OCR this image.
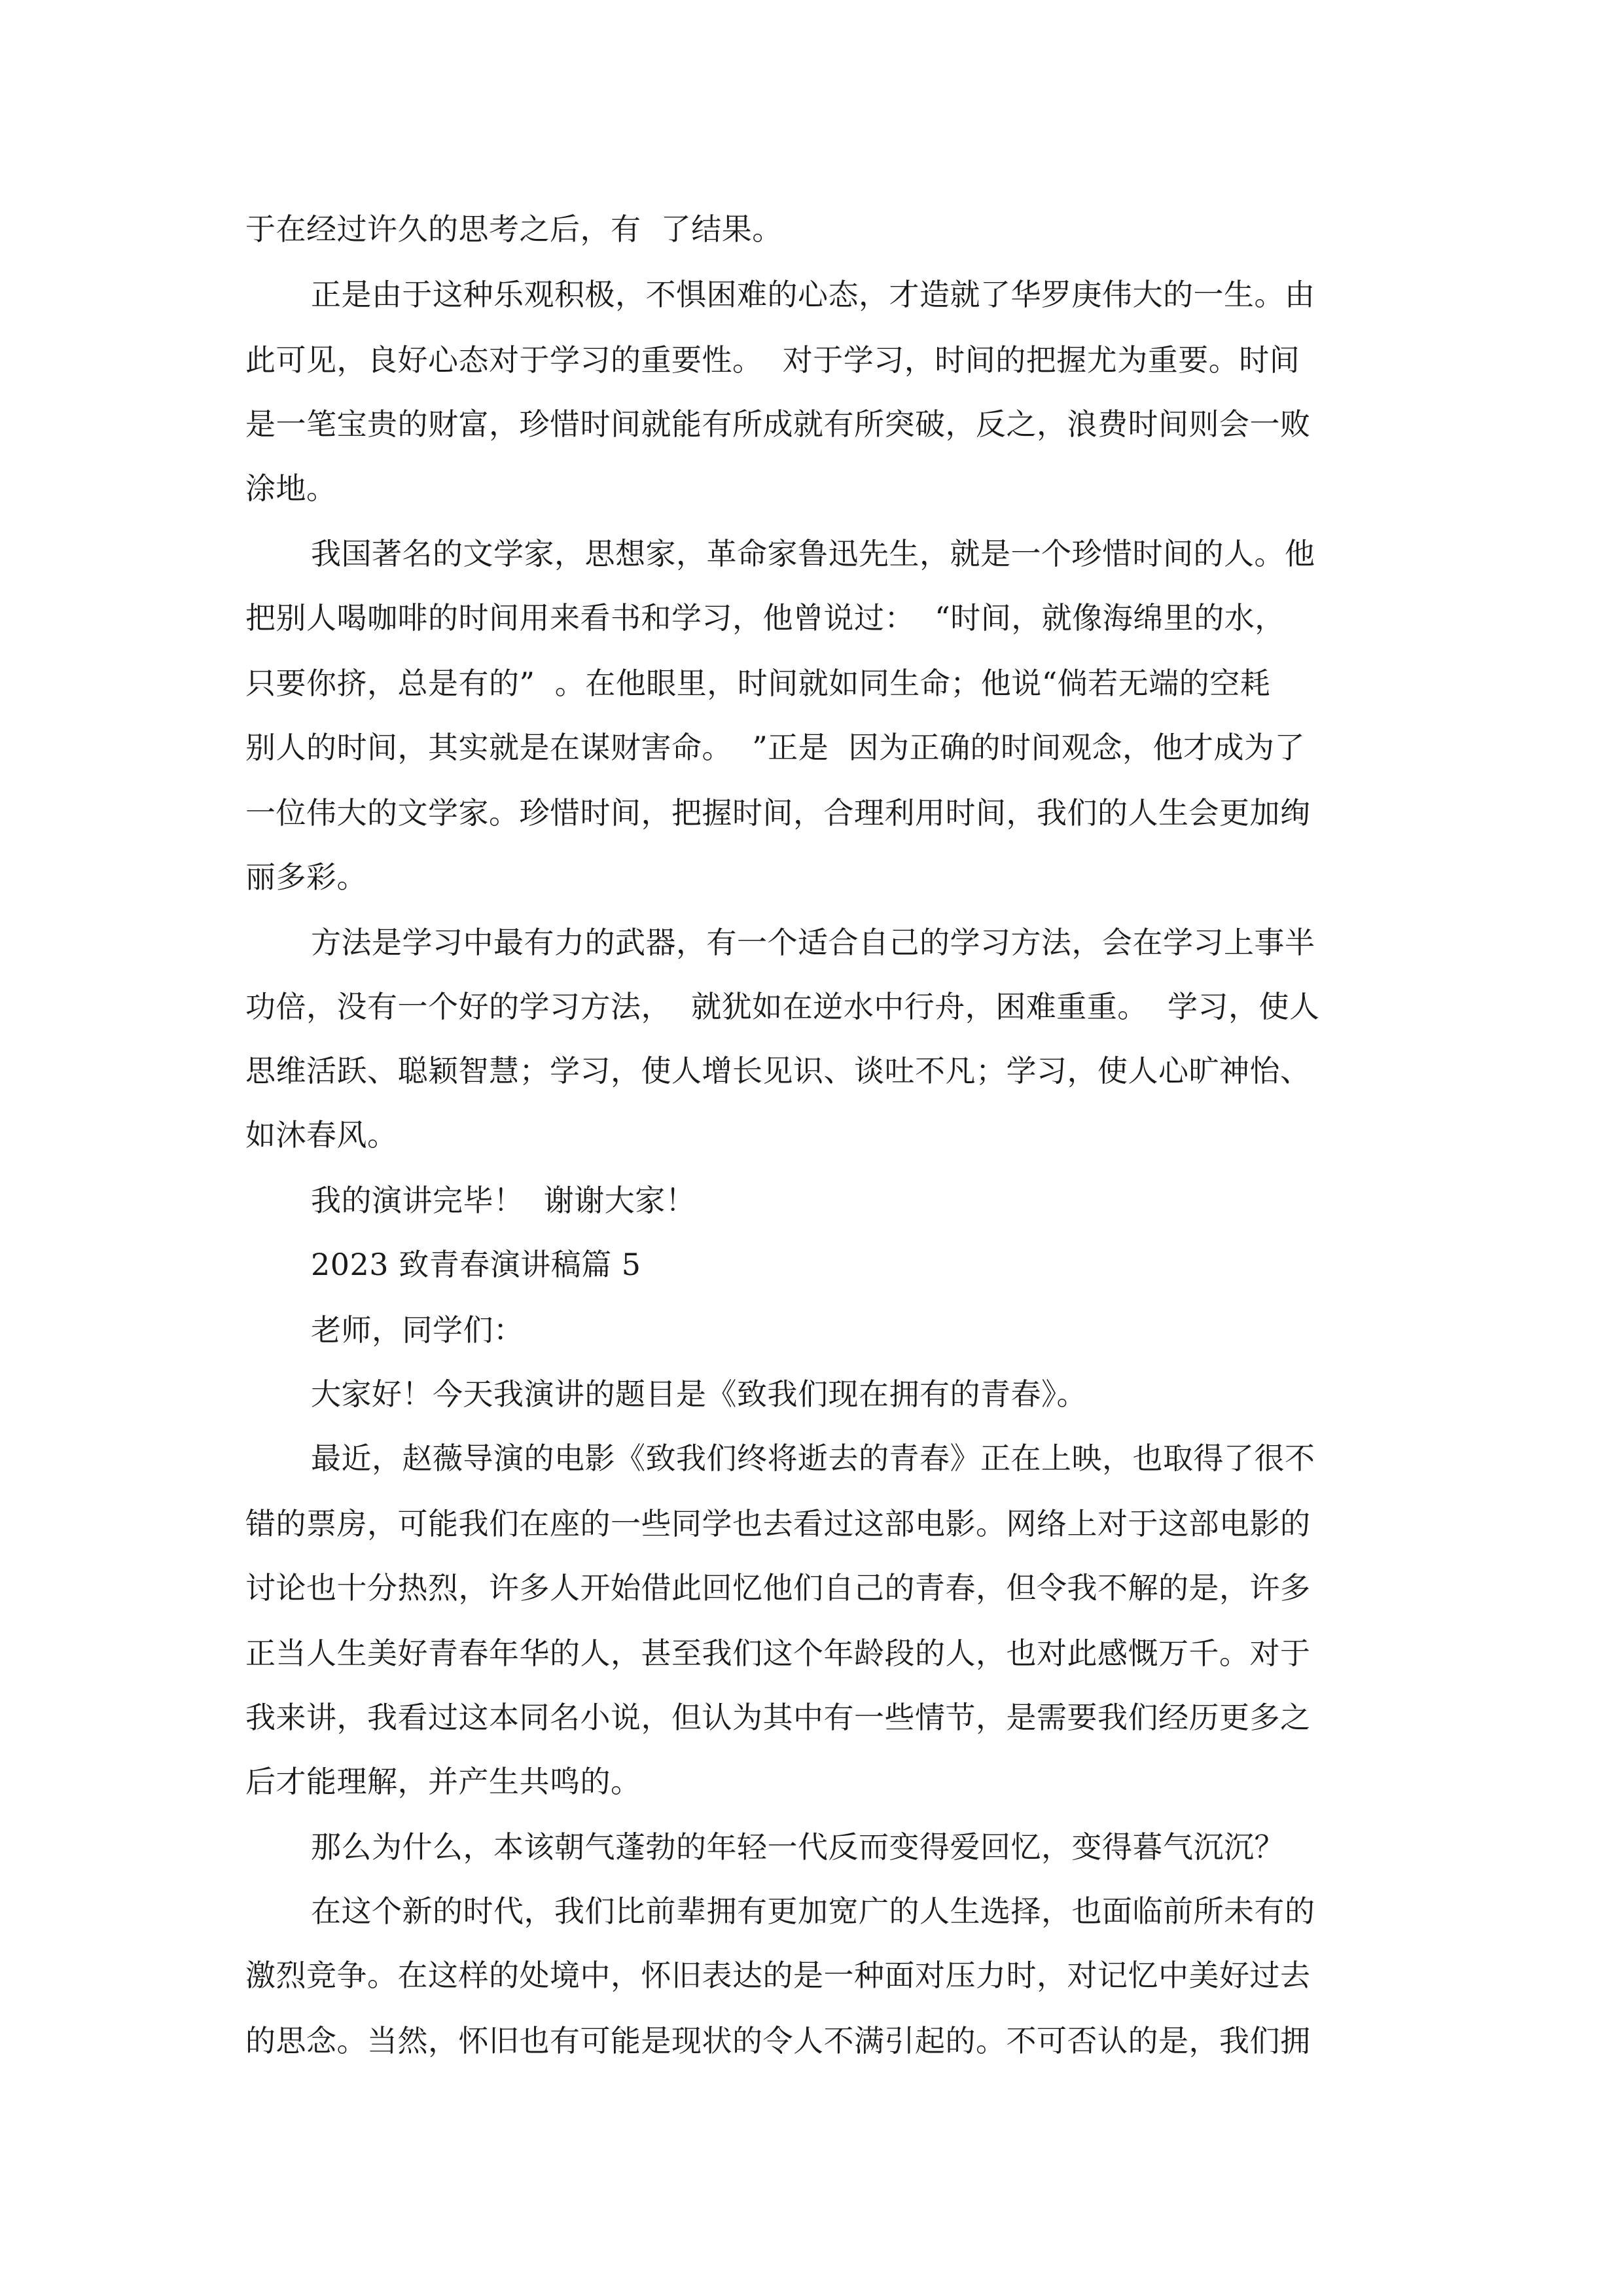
于在经过许久的思考之后，有  了结果。
正是由于这种乐观积极，不惧困难的心态，才造就了华罗庚伟大的一生。由
此可见，良好心态对于学习的重要性。  对于学习，时间的把握尤为重要。时间
是一笔宝贵的财富，珍惜时间就能有所成就有所突破，反之，浪费时间则会一败
涂地。
我国著名的文学家，思想家，革命家鲁迅先生，就是一个珍惜时间的人。他
把别人喝咖啡的时间用来看书和学习，他曾说过：  “时间，就像海绵里的水，
只要你挤，总是有的”  。在他眼里，时间就如同生命；他说“倘若无端的空耗
别人的时间，其实就是在谋财害命。  ”正是  因为正确的时间观念，他才成为了
一位伟大的文学家。珍惜时间，把握时间，合理利用时间，我们的人生会更加绚
丽多彩。
方法是学习中最有力的武器，有一个适合自己的学习方法，会在学习上事半
功倍，没有一个好的学习方法，  就犹如在逆水中行舟，困难重重。  学习，使人
思维活跃、聪颖智慧；学习，使人增长见识、谈吐不凡；学习，使人心旷神怡、
如沐春风。
我的演讲完毕！  谢谢大家！
2023 致青春演讲稿篇 5
老师，同学们：
大家好！今天我演讲的题目是《致我们现在拥有的青春》。
最近，赵薇导演的电影《致我们终将逝去的青春》正在上映，也取得了很不
错的票房，可能我们在座的一些同学也去看过这部电影。网络上对于这部电影的
讨论也十分热烈，许多人开始借此回忆他们自己的青春，但令我不解的是，许多
正当人生美好青春年华的人，甚至我们这个年龄段的人，也对此感慨万千。对于
我来讲，我看过这本同名小说，但认为其中有一些情节，是需要我们经历更多之
后才能理解，并产生共鸣的。
那么为什么，本该朝气蓬勃的年轻一代反而变得爱回忆，变得暮气沉沉？
在这个新的时代，我们比前辈拥有更加宽广的人生选择，也面临前所未有的
激烈竞争。在这样的处境中，怀旧表达的是一种面对压力时，对记忆中美好过去
的思念。当然，怀旧也有可能是现状的令人不满引起的。不可否认的是，我们拥
